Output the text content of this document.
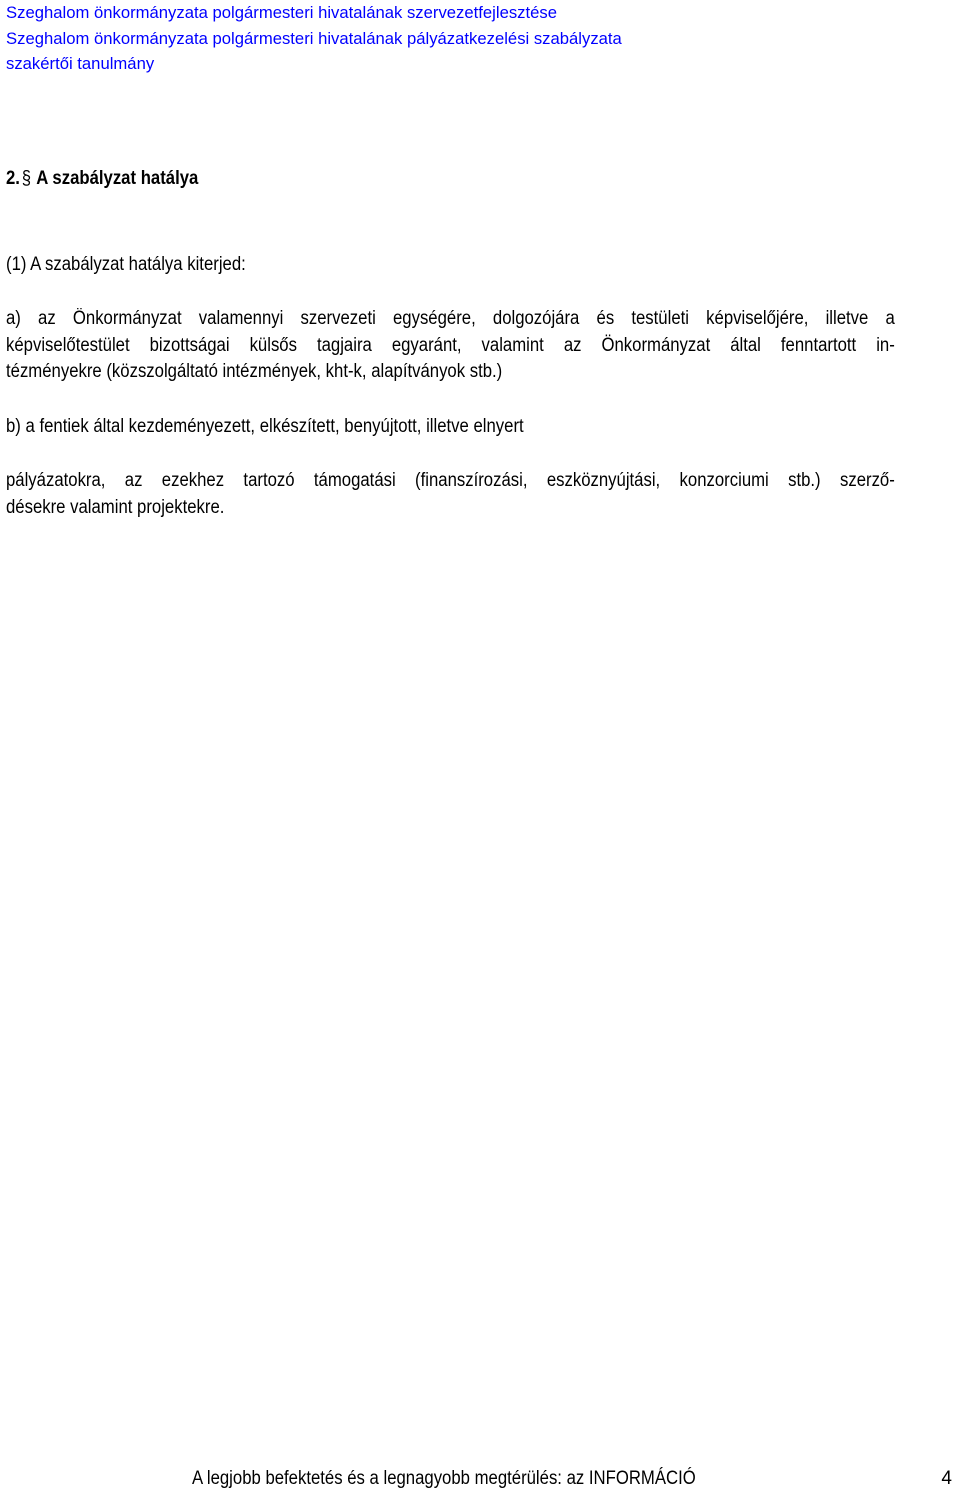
Szeghalom önkormányzata polgármesteri hivatalának szervezetfejlesztése
Szeghalom önkormányzata polgármesteri hivatalának pályázatkezelési szabályzata
szakértői tanulmány
2.§ A szabályzat hatálya
(1) A szabályzat hatálya kiterjed:
a) az Önkormányzat valamennyi szervezeti egységére, dolgozójára és testületi képviselőjére, illetve a
képviselőtestület bizottságai külsős tagjaira egyaránt, valamint az Önkormányzat által fenntartott in-
tézményekre (közszolgáltató intézmények, kht-k, alapítványok stb.)
b) a fentiek által kezdeményezett, elkészített, benyújtott, illetve elnyert
pályázatokra, az ezekhez tartozó támogatási (finanszírozási, eszköznyújtási, konzorciumi stb.) szerző-
désekre valamint projektekre.
A legjobb befektetés és a legnagyobb megtérülés: az INFORMÁCIÓ	4
